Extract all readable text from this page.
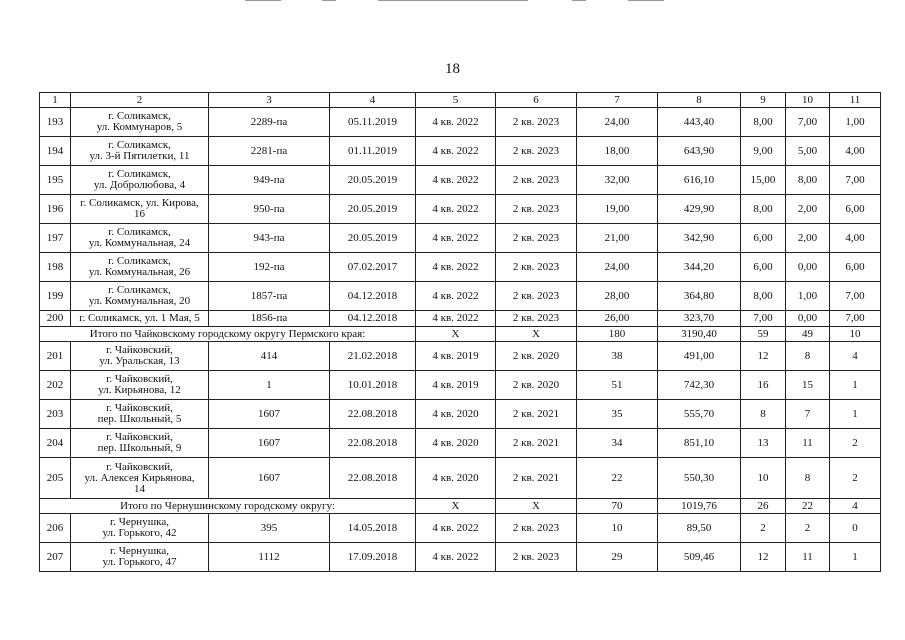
18
1	2	3	4	5	6	7	8	9	10	11
193	г. Соликамск,
ул. Коммунаров, 5	2289-па	05.11.2019	4 кв. 2022	2 кв. 2023	24,00	443,40	8,00	7,00	1,00
194	г. Соликамск,
ул. 3-й Пятилетки, 11	2281-па	01.11.2019	4 кв. 2022	2 кв. 2023	18,00	643,90	9,00	5,00	4,00
195	г. Соликамск,
ул. Добролюбова, 4	949-па	20.05.2019	4 кв. 2022	2 кв. 2023	32,00	616,10	15,00	8,00	7,00
196	г. Соликамск, ул. Кирова,
16	950-па	20.05.2019	4 кв. 2022	2 кв. 2023	19,00	429,90	8,00	2,00	6,00
197	г. Соликамск,
ул. Коммунальная, 24	943-па	20.05.2019	4 кв. 2022	2 кв. 2023	21,00	342,90	6,00	2,00	4,00
198	г. Соликамск,
ул. Коммунальная, 26	192-па	07.02.2017	4 кв. 2022	2 кв. 2023	24,00	344,20	6,00	0,00	6,00
199	г. Соликамск,
ул. Коммунальная, 20	1857-па	04.12.2018	4 кв. 2022	2 кв. 2023	28,00	364,80	8,00	1,00	7,00
200	г. Соликамск, ул. 1 Мая, 5	1856-па	04.12.2018	4 кв. 2022	2 кв. 2023	26,00	323,70	7,00	0,00	7,00
Итого по Чайковскому городскому округу Пермского края:				X	X	180	3190,40	59	49	10
201	г. Чайковский,
ул. Уральская, 13	414	21.02.2018	4 кв. 2019	2 кв. 2020	38	491,00	12	8	4
202	г. Чайковский,
ул. Кирьянова, 12	1	10.01.2018	4 кв. 2019	2 кв. 2020	51	742,30	16	15	1
203	г. Чайковский,
пер. Школьный, 5	1607	22.08.2018	4 кв. 2020	2 кв. 2021	35	555,70	8	7	1
204	г. Чайковский,
пер. Школьный, 9	1607	22.08.2018	4 кв. 2020	2 кв. 2021	34	851,10	13	11	2
205	г. Чайковский,
ул. Алексея Кирьянова,
14	1607	22.08.2018	4 кв. 2020	2 кв. 2021	22	550,30	10	8	2
Итого по Чернушинскому городскому округу:				X	X	70	1019,76	26	22	4
206	г. Чернушка,
ул. Горького, 42	395	14.05.2018	4 кв. 2022	2 кв. 2023	10	89,50	2	2	0
207	г. Чернушка,
ул. Горького, 47	1112	17.09.2018	4 кв. 2022	2 кв. 2023	29	509,46	12	11	1
